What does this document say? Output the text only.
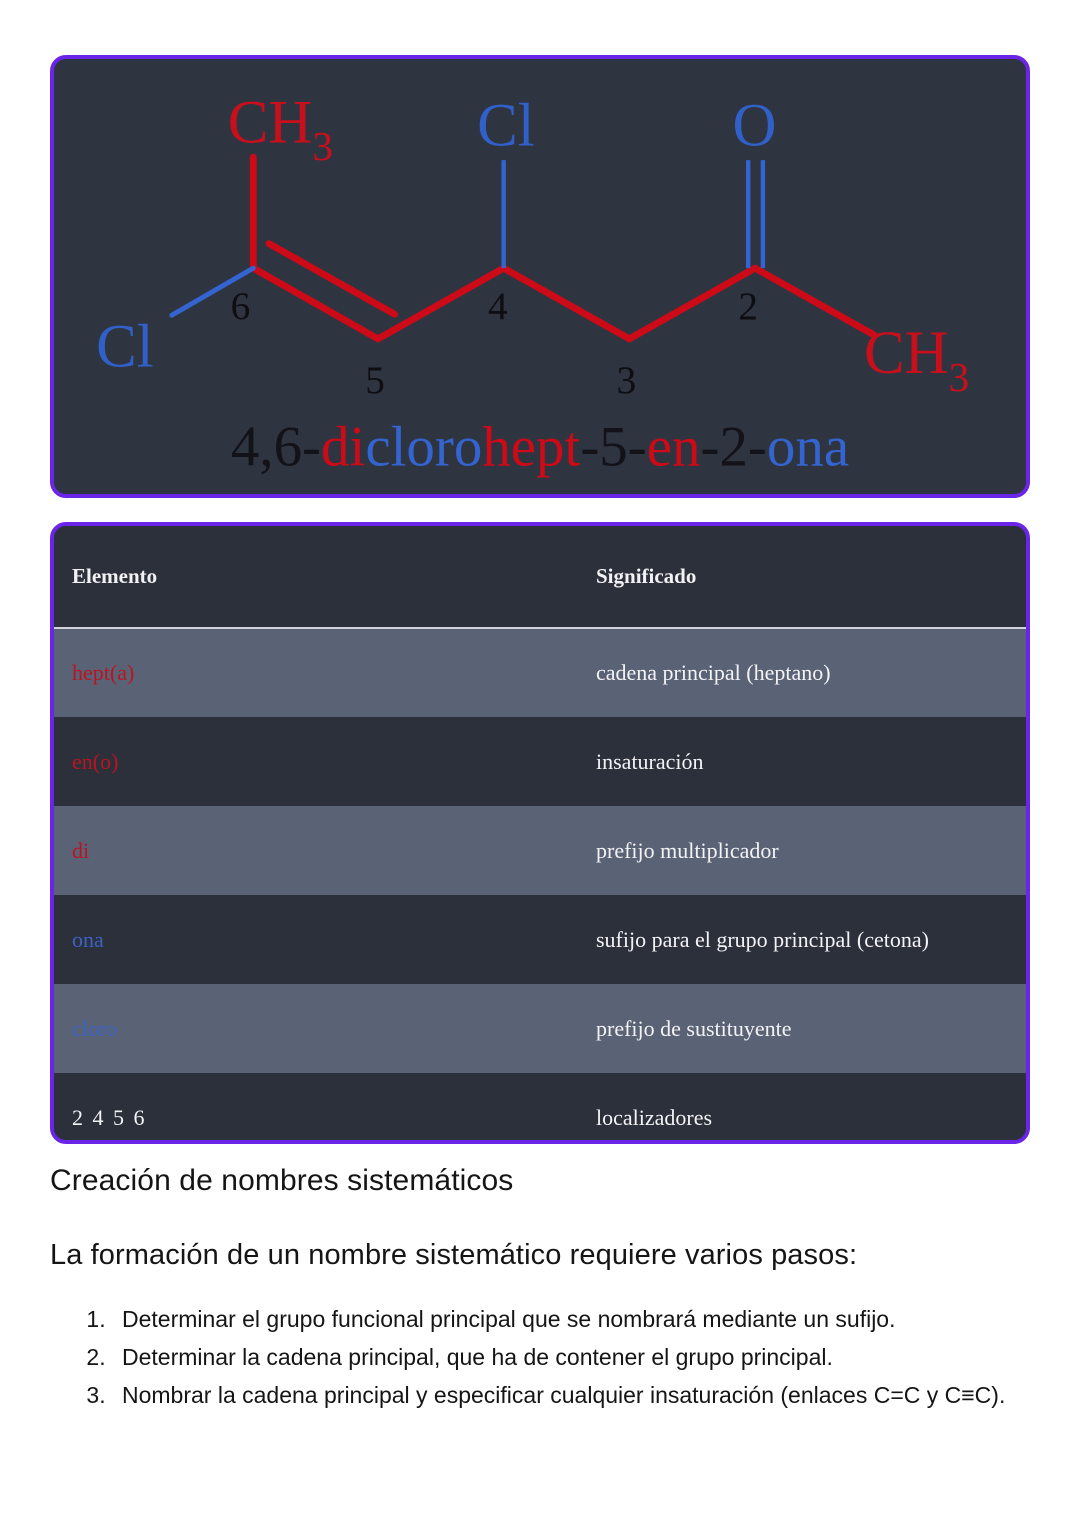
$CH_3$
Cl
Cl	O
$CH_3$
6
5
4
3
2
4,6-diclorohept-5-en-2-ona
Elemento	Significado
hept(a)	cadena principal (heptano)
en(o)	insaturación
di	prefijo multiplicador
ona	sufijo para el grupo principal (cetona)
cloro	prefijo de sustituyente
2 4 5 6	localizadores
Creación de nombres sistemáticos

La formación de un nombre sistemático requiere varios pasos:

1. Determinar el grupo funcional principal que se nombrará mediante un sufijo.
2. Determinar la cadena principal, que ha de contener el grupo principal.
3. Nombrar la cadena principal y especificar cualquier insaturación (enlaces C=C y C≡C).
